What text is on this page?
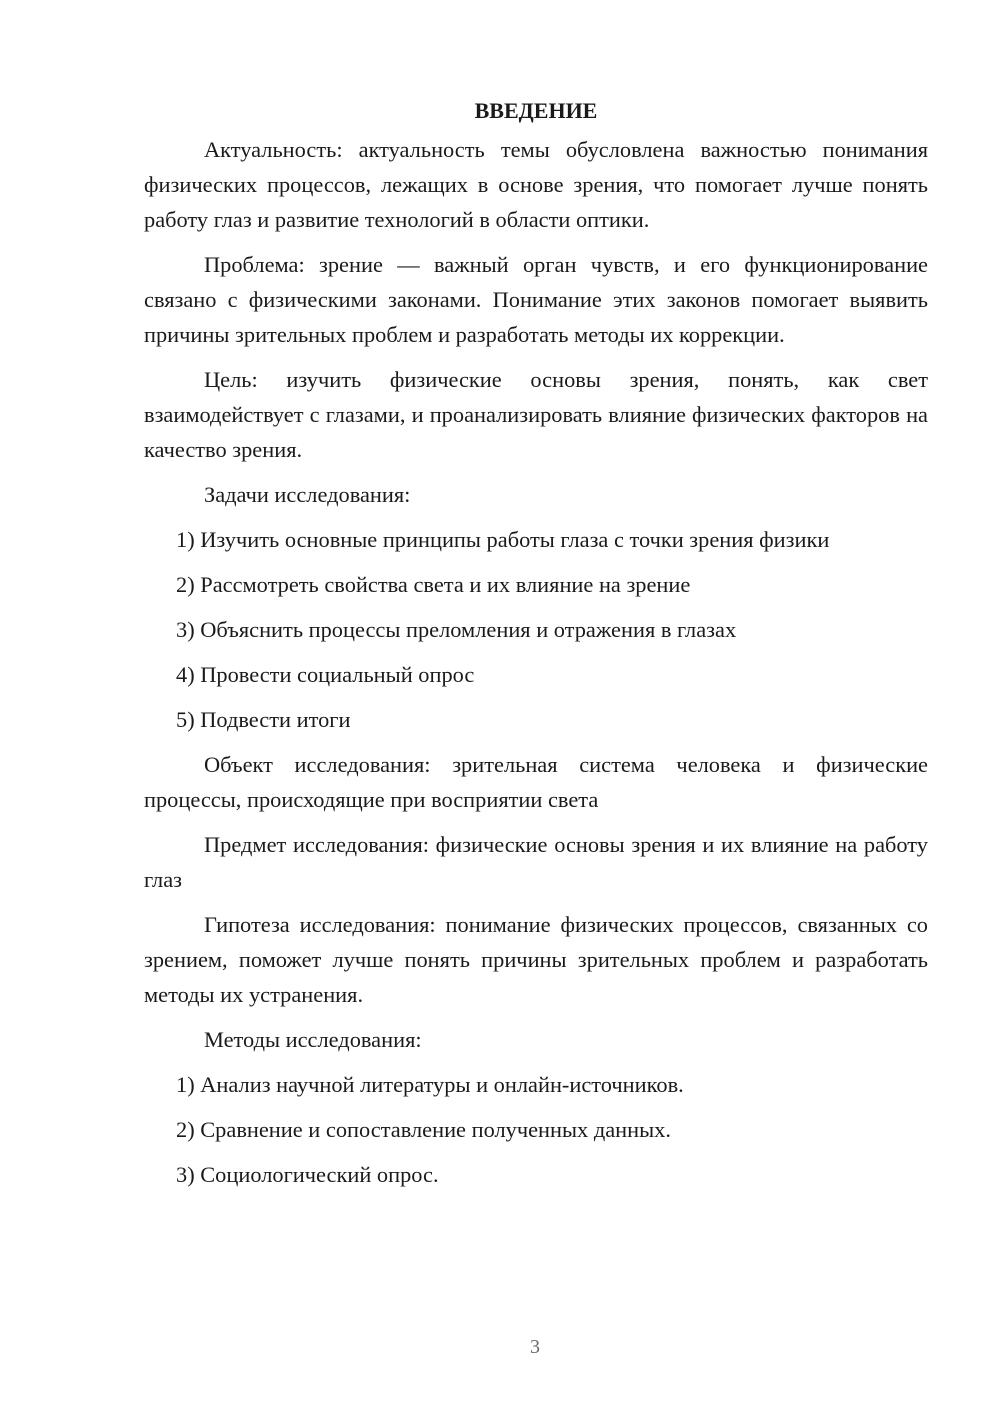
ВВЕДЕНИЕ

Актуальность: актуальность темы обусловлена важностью понимания физических процессов, лежащих в основе зрения, что помогает лучше понять работу глаз и развитие технологий в области оптики.

Проблема: зрение — важный орган чувств, и его функционирование связано с физическими законами. Понимание этих законов помогает выявить причины зрительных проблем и разработать методы их коррекции.

Цель: изучить физические основы зрения, понять, как свет взаимодействует с глазами, и проанализировать влияние физических факторов на качество зрения.

Задачи исследования:

1) Изучить основные принципы работы глаза с точки зрения физики

2) Рассмотреть свойства света и их влияние на зрение

3) Объяснить процессы преломления и отражения в глазах

4) Провести социальный опрос

5) Подвести итоги

Объект исследования: зрительная система человека и физические процессы, происходящие при восприятии света

Предмет исследования: физические основы зрения и их влияние на работу глаз

Гипотеза исследования: понимание физических процессов, связанных со зрением, поможет лучше понять причины зрительных проблем и разработать методы их устранения.

Методы исследования:

1) Анализ научной литературы и онлайн-источников.

2) Сравнение и сопоставление полученных данных.

3) Социологический опрос.

3
